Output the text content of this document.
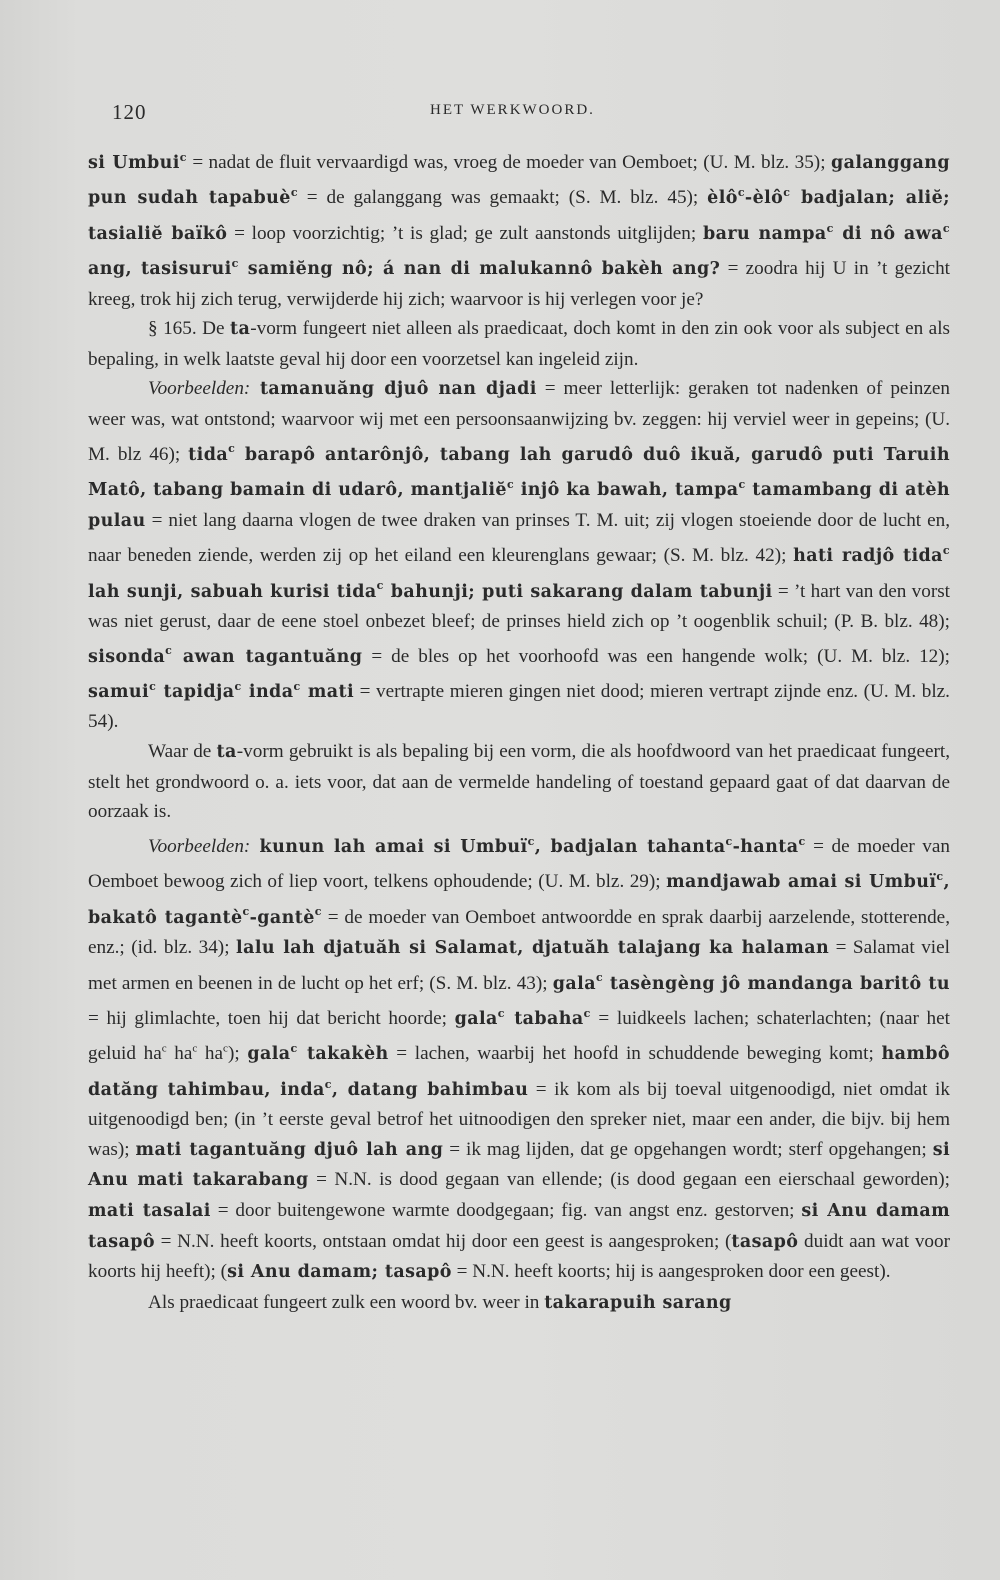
120	HET WERKWOORD.

si Umbui$^c$ = nadat de fluit vervaardigd was, vroeg de moeder van Oemboet; (U. M. blz. 35); galanggang pun sudah tapabuè$^c$ = de galanggang was gemaakt; (S. M. blz. 45); èlô$^c$-èlô$^c$ badjalan; aliĕ; tasialiĕ baïkô = loop voorzichtig; ’t is glad; ge zult aanstonds uitglijden; baru nampa$^c$ di nô awa$^c$ ang, tasisurui$^c$ samiĕng nô; á nan di malukannô bakèh ang? = zoodra hij U in ’t gezicht kreeg, trok hij zich terug, verwijderde hij zich; waarvoor is hij verlegen voor je?

§ 165. De ta-vorm fungeert niet alleen als praedicaat, doch komt in den zin ook voor als subject en als bepaling, in welk laatste geval hij door een voorzetsel kan ingeleid zijn.

Voorbeelden: tamanuăng djuô nan djadi = meer letterlijk: geraken tot nadenken of peinzen weer was, wat ontstond; waarvoor wij met een persoonsaanwijzing bv. zeggen: hij verviel weer in gepeins; (U. M. blz 46); tida$^c$ barapô antarônjô, tabang lah garudô duô ikuă, garudô puti Taruih Matô, tabang bamain di udarô, mantjaliĕ$^c$ injô ka bawah, tampa$^c$ tamambang di atèh pulau = niet lang daarna vlogen de twee draken van prinses T. M. uit; zij vlogen stoeiende door de lucht en, naar beneden ziende, werden zij op het eiland een kleurenglans gewaar; (S. M. blz. 42); hati radjô tida$^c$ lah sunji, sabuah kurisi tida$^c$ bahunji; puti sakarang dalam tabunji = ’t hart van den vorst was niet gerust, daar de eene stoel onbezet bleef; de prinses hield zich op ’t oogenblik schuil; (P. B. blz. 48); sisonda$^c$ awan tagantuăng = de bles op het voorhoofd was een hangende wolk; (U. M. blz. 12); samui$^c$ tapidja$^c$ inda$^c$ mati = vertrapte mieren gingen niet dood; mieren vertrapt zijnde enz. (U. M. blz. 54).

Waar de ta-vorm gebruikt is als bepaling bij een vorm, die als hoofdwoord van het praedicaat fungeert, stelt het grondwoord o. a. iets voor, dat aan de vermelde handeling of toestand gepaard gaat of dat daarvan de oorzaak is.

Voorbeelden: kunun lah amai si Umbuï$^c$, badjalan tahanta$^c$-hanta$^c$ = de moeder van Oemboet bewoog zich of liep voort, telkens ophoudende; (U. M. blz. 29); mandjawab amai si Umbuï$^c$, bakatô tagantè$^c$-gantè$^c$ = de moeder van Oemboet antwoordde en sprak daarbij aarzelende, stotterende, enz.; (id. blz. 34); lalu lah djatuăh si Salamat, djatuăh talajang ka halaman = Salamat viel met armen en beenen in de lucht op het erf; (S. M. blz. 43); gala$^c$ tasèngèng jô mandanga baritô tu = hij glimlachte, toen hij dat bericht hoorde; gala$^c$ tabaha$^c$ = luidkeels lachen; schaterlachten; (naar het geluid $ha^c$ $ha^c$ $ha^c$); gala$^c$ takakèh = lachen, waarbij het hoofd in schuddende beweging komt; hambô datăng tahimbau, inda$^c$, datang bahimbau = ik kom als bij toeval uitgenoodigd, niet omdat ik uitgenoodigd ben; (in ’t eerste geval betrof het uitnoodigen den spreker niet, maar een ander, die bijv. bij hem was); mati tagantuăng djuô lah ang = ik mag lijden, dat ge opgehangen wordt; sterf opgehangen; si Anu mati takarabang = N.N. is dood gegaan van ellende; (is dood gegaan een eierschaal geworden); mati tasalai = door buitengewone warmte doodgegaan; fig. van angst enz. gestorven; si Anu damam tasapô = N.N. heeft koorts, ontstaan omdat hij door een geest is aangesproken; (tasapô duidt aan wat voor koorts hij heeft); (si Anu damam; tasapô = N.N. heeft koorts; hij is aangesproken door een geest).

Als praedicaat fungeert zulk een woord bv. weer in takarapuih sarang
